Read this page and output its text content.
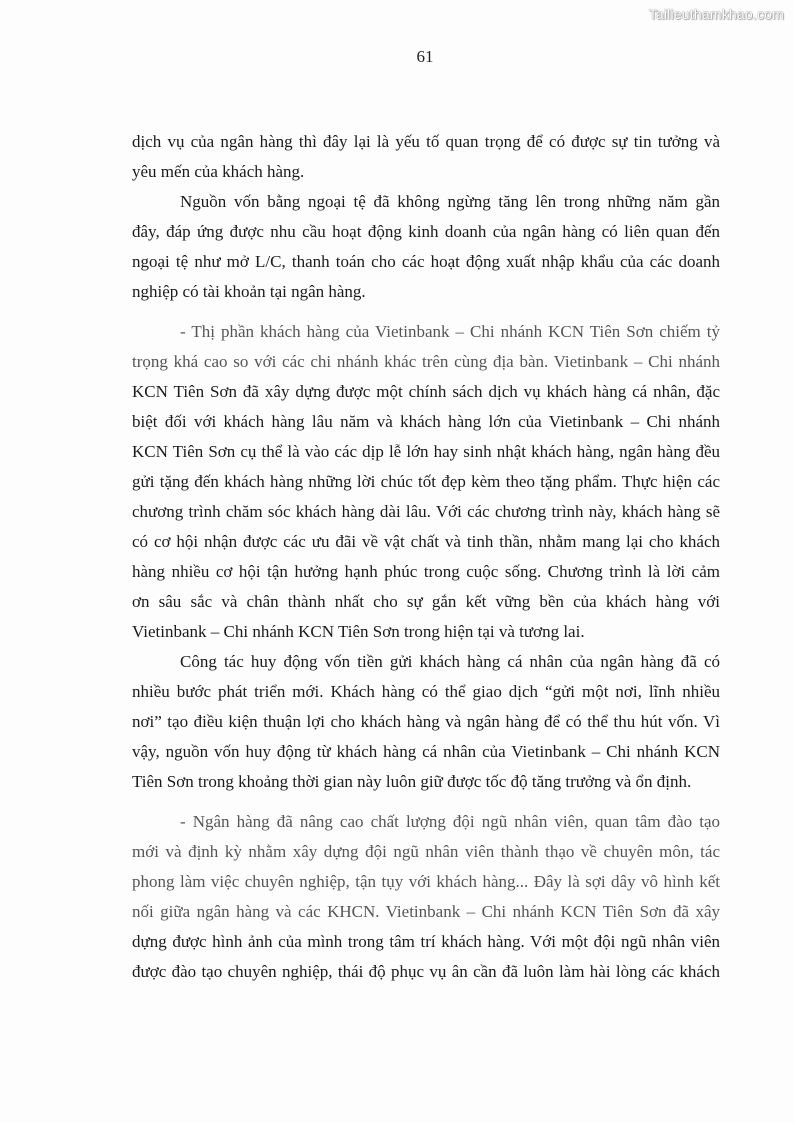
Tailieuthamkhao.com
61
dịch vụ của ngân hàng thì đây lại là yếu tố quan trọng để có được sự tin tưởng và
yêu mến của khách hàng.
Nguồn vốn bằng ngoại tệ đã không ngừng tăng lên trong những năm gần
đây, đáp ứng được nhu cầu hoạt động kinh doanh của ngân hàng có liên quan đến
ngoại tệ như mở L/C, thanh toán cho các hoạt động xuất nhập khẩu của các doanh
nghiệp có tài khoản tại ngân hàng.
- Thị phần khách hàng của Vietinbank – Chi nhánh KCN Tiên Sơn chiếm tỷ
trọng khá cao so với các chi nhánh khác trên cùng địa bàn. Vietinbank – Chi nhánh
KCN Tiên Sơn đã xây dựng được một chính sách dịch vụ khách hàng cá nhân, đặc
biệt đối với khách hàng lâu năm và khách hàng lớn của Vietinbank – Chi nhánh
KCN Tiên Sơn cụ thể là vào các dịp lễ lớn hay sinh nhật khách hàng, ngân hàng đều
gửi tặng đến khách hàng những lời chúc tốt đẹp kèm theo tặng phẩm. Thực hiện các
chương trình chăm sóc khách hàng dài lâu. Với các chương trình này, khách hàng sẽ
có cơ hội nhận được các ưu đãi về vật chất và tinh thần, nhằm mang lại cho khách
hàng nhiều cơ hội tận hưởng hạnh phúc trong cuộc sống. Chương trình là lời cảm
ơn sâu sắc và chân thành nhất cho sự gắn kết vững bền của khách hàng với
Vietinbank – Chi nhánh KCN Tiên Sơn trong hiện tại và tương lai.
Công tác huy động vốn tiền gửi khách hàng cá nhân của ngân hàng đã có
nhiều bước phát triển mới. Khách hàng có thể giao dịch “gửi một nơi, lĩnh nhiều
nơi” tạo điều kiện thuận lợi cho khách hàng và ngân hàng để có thể thu hút vốn. Vì
vậy, nguồn vốn huy động từ khách hàng cá nhân của Vietinbank – Chi nhánh KCN
Tiên Sơn trong khoảng thời gian này luôn giữ được tốc độ tăng trưởng và ổn định.
- Ngân hàng đã nâng cao chất lượng đội ngũ nhân viên, quan tâm đào tạo
mới và định kỳ nhằm xây dựng đội ngũ nhân viên thành thạo về chuyên môn, tác
phong làm việc chuyên nghiệp, tận tụy với khách hàng... Đây là sợi dây vô hình kết
nối giữa ngân hàng và các KHCN. Vietinbank – Chi nhánh KCN Tiên Sơn đã xây
dựng được hình ảnh của mình trong tâm trí khách hàng. Với một đội ngũ nhân viên
được đào tạo chuyên nghiệp, thái độ phục vụ ân cần đã luôn làm hài lòng các khách
